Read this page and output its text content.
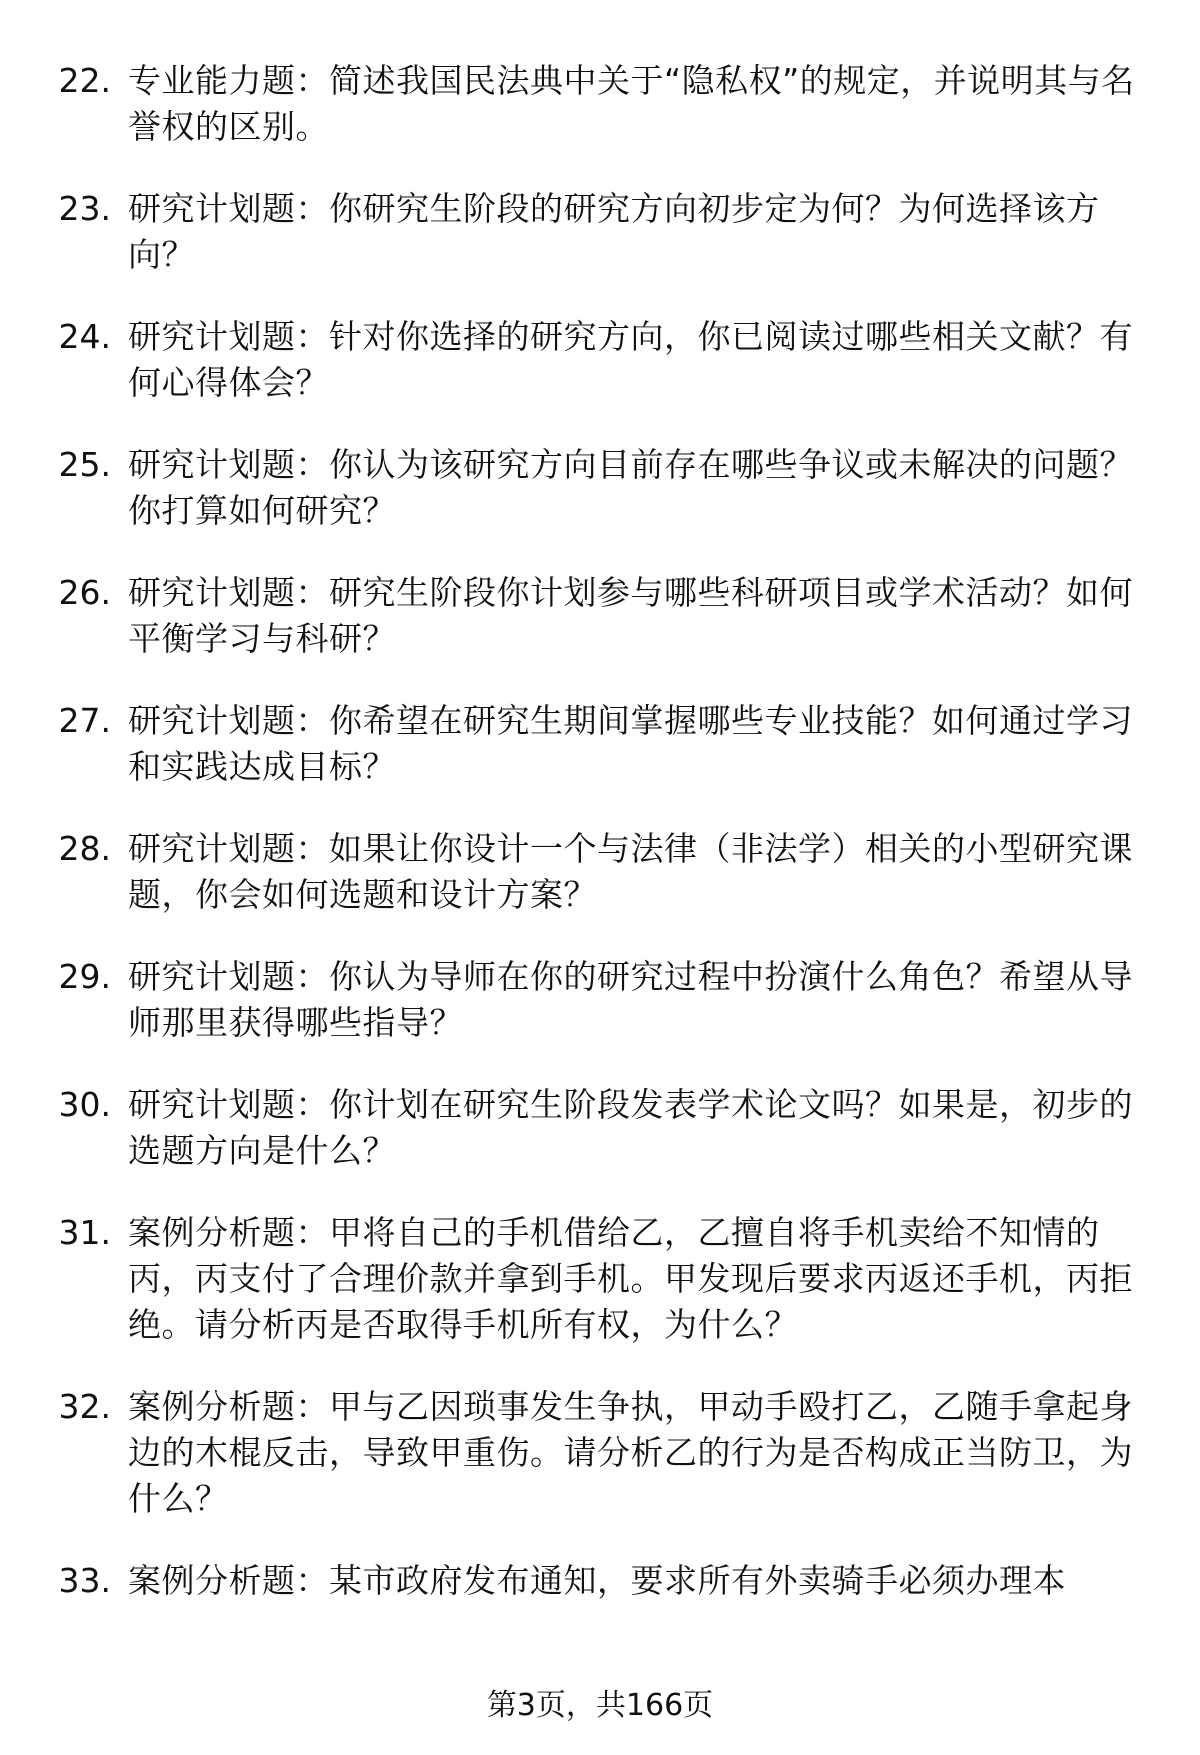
22. 专业能力题：简述我国民法典中关于“隐私权”的规定，并说明其与名誉权的区别。
23. 研究计划题：你研究生阶段的研究方向初步定为何？为何选择该方向？
24. 研究计划题：针对你选择的研究方向，你已阅读过哪些相关文献？有何心得体会？
25. 研究计划题：你认为该研究方向目前存在哪些争议或未解决的问题？你打算如何研究？
26. 研究计划题：研究生阶段你计划参与哪些科研项目或学术活动？如何平衡学习与科研？
27. 研究计划题：你希望在研究生期间掌握哪些专业技能？如何通过学习和实践达成目标？
28. 研究计划题：如果让你设计一个与法律（非法学）相关的小型研究课题，你会如何选题和设计方案？
29. 研究计划题：你认为导师在你的研究过程中扮演什么角色？希望从导师那里获得哪些指导？
30. 研究计划题：你计划在研究生阶段发表学术论文吗？如果是，初步的选题方向是什么？
31. 案例分析题：甲将自己的手机借给乙，乙擅自将手机卖给不知情的丙，丙支付了合理价款并拿到手机。甲发现后要求丙返还手机，丙拒绝。请分析丙是否取得手机所有权，为什么？
32. 案例分析题：甲与乙因琐事发生争执，甲动手殴打乙，乙随手拿起身边的木棍反击，导致甲重伤。请分析乙的行为是否构成正当防卫，为什么？
33. 案例分析题：某市政府发布通知，要求所有外卖骑手必须办理本
第3页，共166页
